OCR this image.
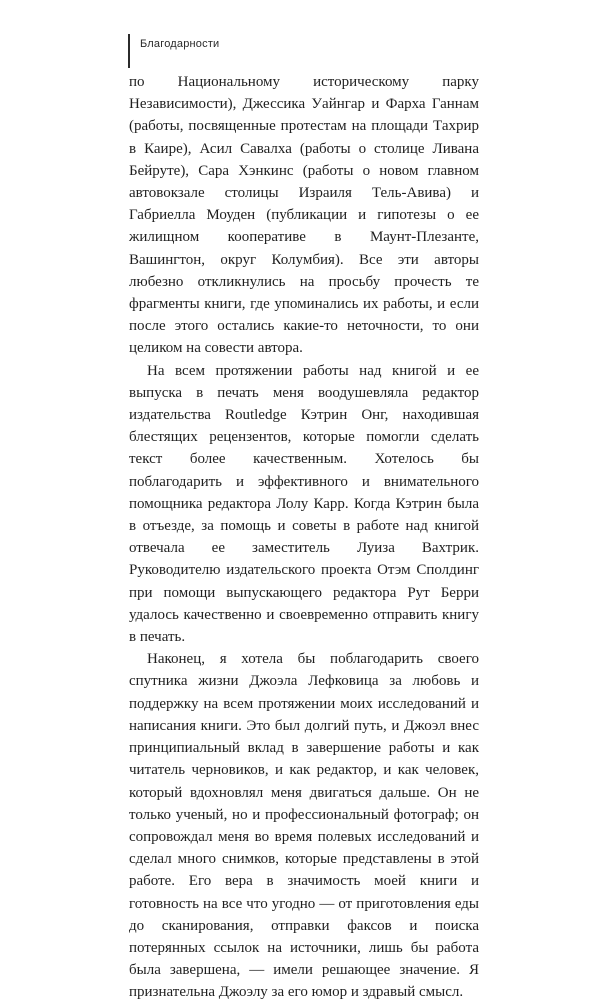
Благодарности

по Национальному историческому парку Независимости), Джессика Уайнгар и Фарха Ганнам (работы, посвященные протестам на площади Тахрир в Каире), Асил Савалха (работы о столице Ливана Бейруте), Сара Хэнкинс (работы о новом главном автовокзале столицы Израиля Тель-Авива) и Габриелла Моуден (публикации и гипотезы о ее жилищном кооперативе в Маунт-Плезанте, Вашингтон, округ Колумбия). Все эти авторы любезно откликнулись на просьбу прочесть те фрагменты книги, где упоминались их работы, и если после этого остались какие-то неточности, то они целиком на совести автора.

На всем протяжении работы над книгой и ее выпуска в печать меня воодушевляла редактор издательства Routledge Кэтрин Онг, находившая блестящих рецензентов, которые помогли сделать текст более качественным. Хотелось бы поблагодарить и эффективного и внимательного помощника редактора Лолу Карр. Когда Кэтрин была в отъезде, за помощь и советы в работе над книгой отвечала ее заместитель Луиза Вахтрик. Руководителю издательского проекта Отэм Сполдинг при помощи выпускающего редактора Рут Берри удалось качественно и своевременно отправить книгу в печать.

Наконец, я хотела бы поблагодарить своего спутника жизни Джоэла Лефковица за любовь и поддержку на всем протяжении моих исследований и написания книги. Это был долгий путь, и Джоэл внес принципиальный вклад в завершение работы и как читатель черновиков, и как редактор, и как человек, который вдохновлял меня двигаться дальше. Он не только ученый, но и профессиональный фотограф; он сопровождал меня во время полевых исследований и сделал много снимков, которые представлены в этой работе. Его вера в значимость моей книги и готовность на все что угодно — от приготовления еды до сканирования, отправки факсов и поиска потерянных ссылок на источники, лишь бы работа была завершена, — имели решающее значение. Я признательна Джоэлу за его юмор и здравый смысл.
